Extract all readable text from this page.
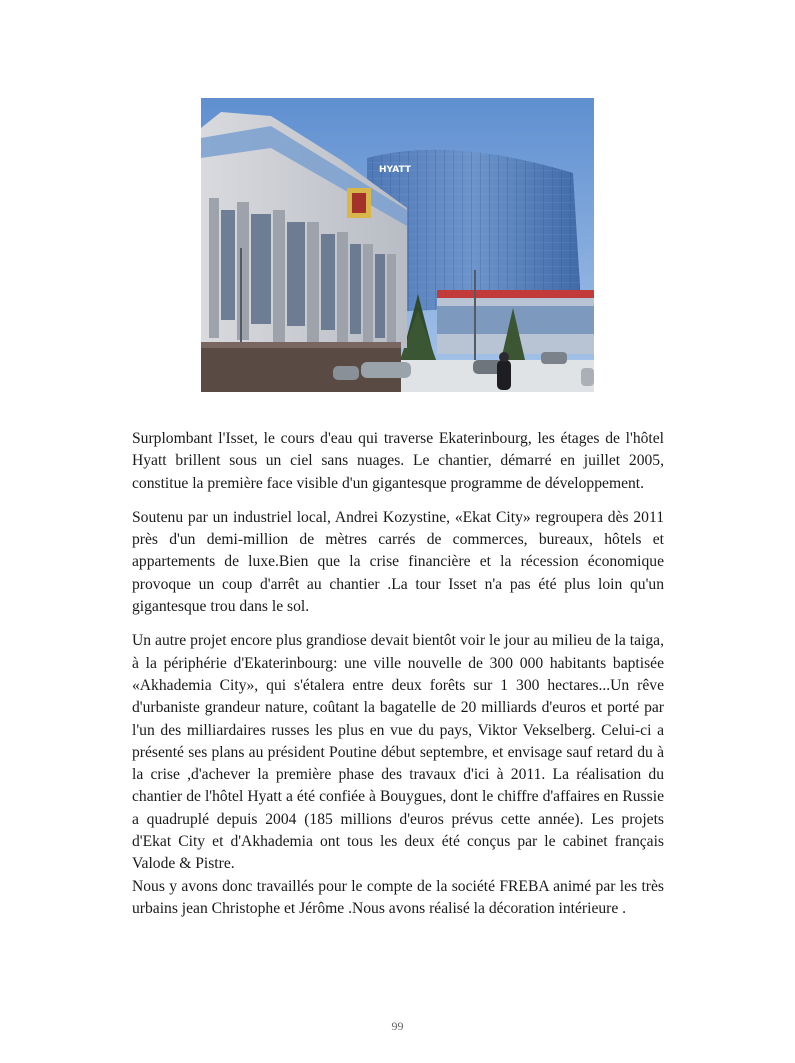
HYATT

Surplombant l'Isset, le cours d'eau qui traverse Ekaterinbourg, les étages de l'hôtel Hyatt brillent sous un ciel sans nuages. Le chantier, démarré en juillet 2005, constitue la première face visible d'un gigantesque programme de développement.

Soutenu par un industriel local, Andrei Kozystine, «Ekat City» regroupera dès 2011 près d'un demi-million de mètres carrés de commerces, bureaux, hôtels et appartements de luxe.Bien que la crise financière et la récession économique provoque un coup d'arrêt au chantier .La tour Isset n'a pas été plus loin qu'un gigantesque trou dans le sol.

Un autre projet encore plus grandiose devait bientôt voir le jour au milieu de la taiga, à la périphérie d'Ekaterinbourg: une ville nouvelle de 300 000 habitants baptisée «Akhademia City», qui s'étalera entre deux forêts sur 1 300 hectares...Un rêve d'urbaniste grandeur nature, coûtant la bagatelle de 20 milliards d'euros et porté par l'un des milliardaires russes les plus en vue du pays, Viktor Vekselberg. Celui-ci a présenté ses plans au président Poutine début septembre, et envisage sauf retard du à la crise ,d'achever la première phase des travaux d'ici à 2011. La réalisation du chantier de l'hôtel Hyatt a été confiée à Bouygues, dont le chiffre d'affaires en Russie a quadruplé depuis 2004 (185 millions d'euros prévus cette année). Les projets d'Ekat City et d'Akhademia ont tous les deux été conçus par le cabinet français Valode & Pistre.

Nous y avons donc travaillés pour le compte de la société FREBA animé par les très urbains jean Christophe et Jérôme .Nous avons réalisé la décoration intérieure .

99
